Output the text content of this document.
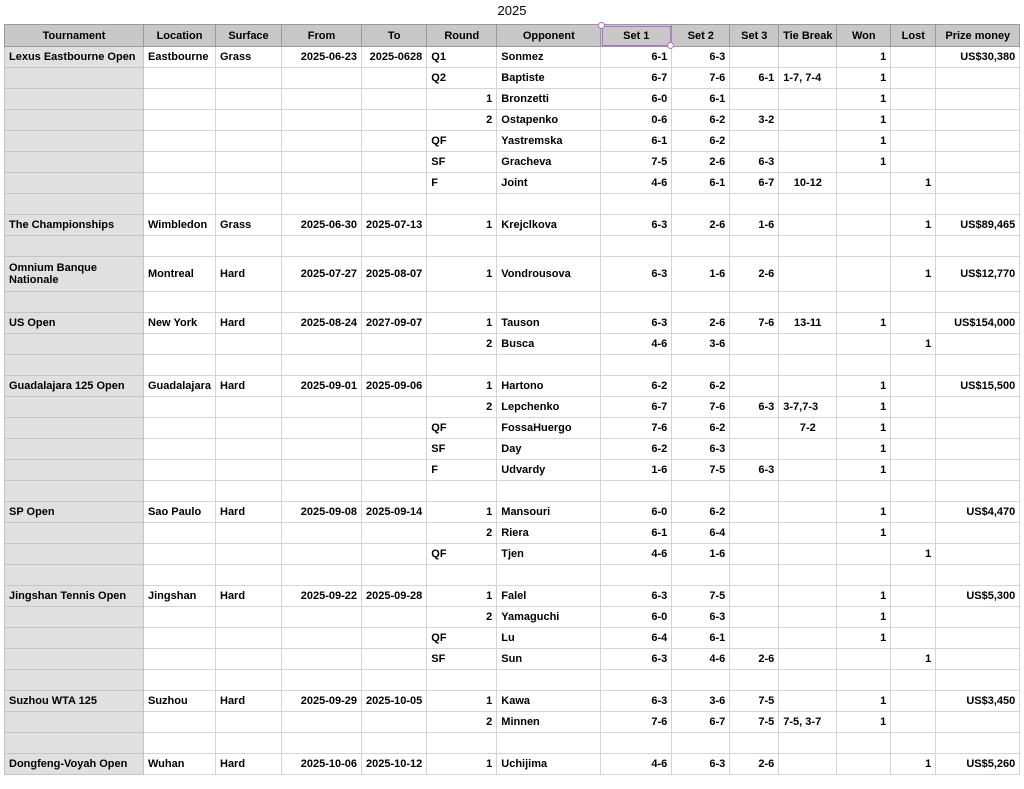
2025
Tournament	Location	Surface	From	To	Round	Opponent	Set 1	Set 2	Set 3	Tie Break	Won	Lost	Prize money
Lexus Eastbourne Open	Eastbourne	Grass	2025-06-23	2025-0628	Q1	Sonmez	6-1	6-3			1		US$30,380
					Q2	Baptiste	6-7	7-6	6-1	1-7, 7-4	1		
					1	Bronzetti	6-0	6-1			1		
					2	Ostapenko	0-6	6-2	3-2		1		
					QF	Yastremska	6-1	6-2			1		
					SF	Gracheva	7-5	2-6	6-3		1		
					F	Joint	4-6	6-1	6-7	10-12		1	

The Championships	Wimbledon	Grass	2025-06-30	2025-07-13	1	Krejclkova	6-3	2-6	1-6			1	US$89,465

Omnium Banque Nationale	Montreal	Hard	2025-07-27	2025-08-07	1	Vondrousova	6-3	1-6	2-6			1	US$12,770

US Open	New York	Hard	2025-08-24	2027-09-07	1	Tauson	6-3	2-6	7-6	13-11	1		US$154,000
					2	Busca	4-6	3-6				1	

Guadalajara 125 Open	Guadalajara	Hard	2025-09-01	2025-09-06	1	Hartono	6-2	6-2			1		US$15,500
					2	Lepchenko	6-7	7-6	6-3	3-7,7-3	1		
					QF	FossaHuergo	7-6	6-2		7-2	1		
					SF	Day	6-2	6-3			1		
					F	Udvardy	1-6	7-5	6-3		1		

SP Open	Sao Paulo	Hard	2025-09-08	2025-09-14	1	Mansouri	6-0	6-2			1		US$4,470
					2	Riera	6-1	6-4			1		
					QF	Tjen	4-6	1-6				1	

Jingshan Tennis Open	Jingshan	Hard	2025-09-22	2025-09-28	1	Falel	6-3	7-5			1		US$5,300
					2	Yamaguchi	6-0	6-3			1		
					QF	Lu	6-4	6-1			1		
					SF	Sun	6-3	4-6	2-6			1	

Suzhou WTA 125	Suzhou	Hard	2025-09-29	2025-10-05	1	Kawa	6-3	3-6	7-5		1		US$3,450
					2	Minnen	7-6	6-7	7-5	7-5, 3-7	1		

Dongfeng-Voyah Open	Wuhan	Hard	2025-10-06	2025-10-12	1	Uchijima	4-6	6-3	2-6			1	US$5,260
